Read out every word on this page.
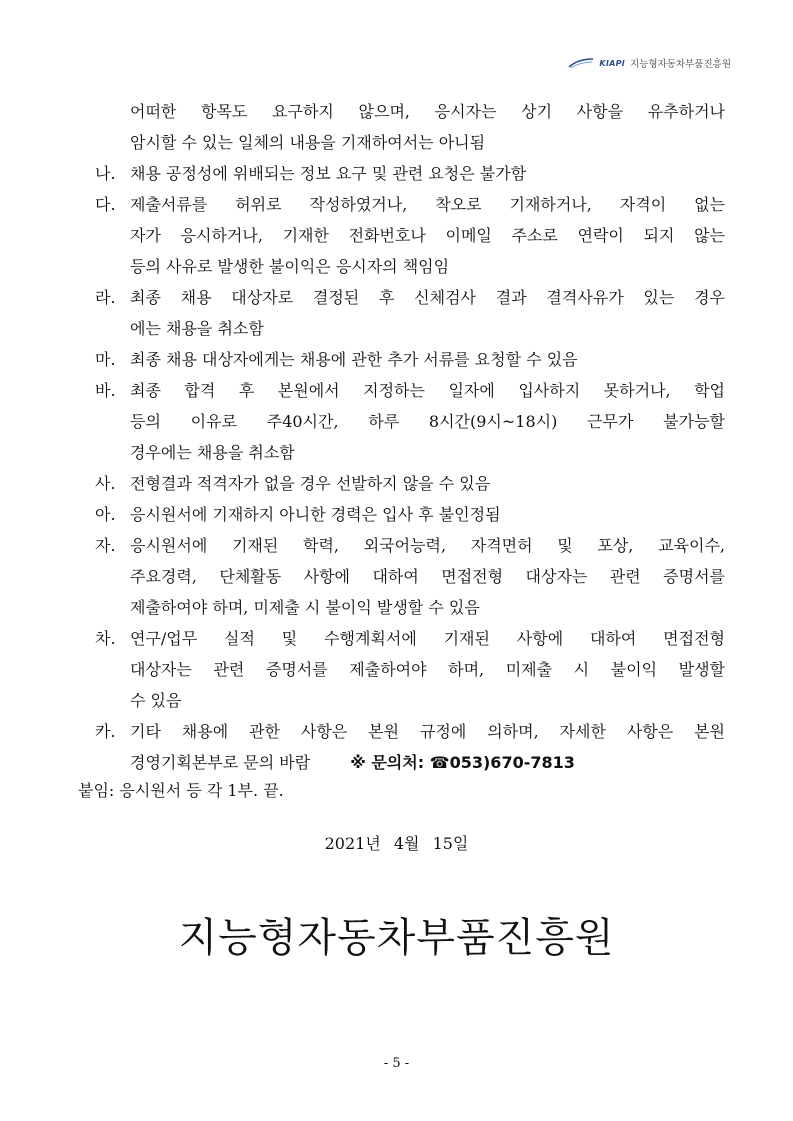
KIAPI 지능형자동차부품진흥원
어떠한 항목도 요구하지 않으며, 응시자는 상기 사항을 유추하거나
암시할 수 있는 일체의 내용을 기재하여서는 아니됨
나. 채용 공정성에 위배되는 정보 요구 및 관련 요청은 불가함
다. 제출서류를 허위로 작성하였거나, 착오로 기재하거나, 자격이 없는
자가 응시하거나, 기재한 전화번호나 이메일 주소로 연락이 되지 않는
등의 사유로 발생한 불이익은 응시자의 책임임
라. 최종 채용 대상자로 결정된 후 신체검사 결과 결격사유가 있는 경우
에는 채용을 취소함
마. 최종 채용 대상자에게는 채용에 관한 추가 서류를 요청할 수 있음
바. 최종 합격 후 본원에서 지정하는 일자에 입사하지 못하거나, 학업
등의 이유로 주40시간, 하루 8시간(9시~18시) 근무가 불가능할
경우에는 채용을 취소함
사. 전형결과 적격자가 없을 경우 선발하지 않을 수 있음
아. 응시원서에 기재하지 아니한 경력은 입사 후 불인정됨
자. 응시원서에 기재된 학력, 외국어능력, 자격면허 및 포상, 교육이수,
주요경력, 단체활동 사항에 대하여 면접전형 대상자는 관련 증명서를
제출하여야 하며, 미제출 시 불이익 발생할 수 있음
차. 연구/업무 실적 및 수행계획서에 기재된 사항에 대하여 면접전형
대상자는 관련 증명서를 제출하여야 하며, 미제출 시 불이익 발생할
수 있음
카. 기타 채용에 관한 사항은 본원 규정에 의하며, 자세한 사항은 본원
경영기획본부로 문의 바람	※ 문의처: ☎053)670-7813
붙임: 응시원서 등 각 1부. 끝.
2021년 4월 15일
지능형자동차부품진흥원
- 5 -
